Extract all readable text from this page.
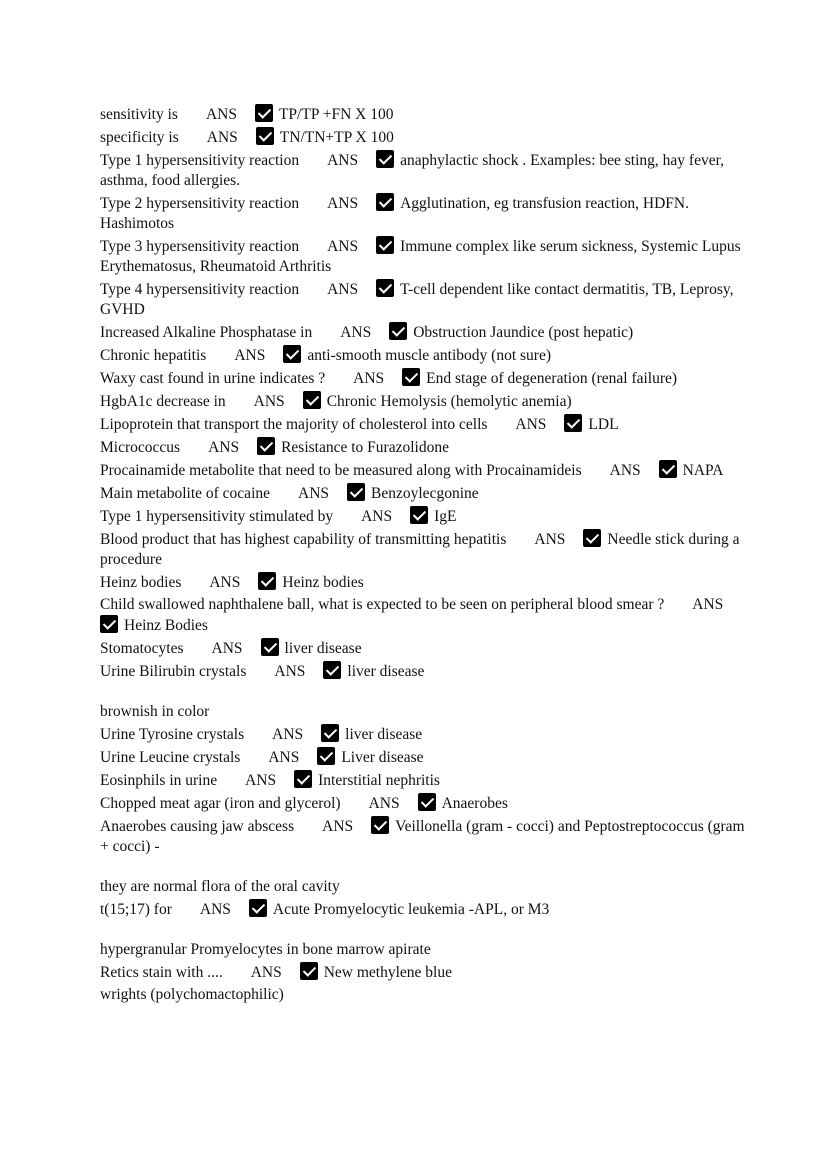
sensitivity is ANS	TP/TP +FN X 100
specificity is ANS	TN/TN+TP X 100
Type 1 hypersensitivity reaction ANS	anaphylactic shock . Examples: bee sting, hay fever, asthma, food allergies.
Type 2 hypersensitivity reaction ANS	Agglutination, eg transfusion reaction, HDFN. Hashimotos
Type 3 hypersensitivity reaction ANS	Immune complex like serum sickness, Systemic Lupus Erythematosus, Rheumatoid Arthritis
Type 4 hypersensitivity reaction ANS	T-cell dependent like contact dermatitis, TB, Leprosy, GVHD
Increased Alkaline Phosphatase in ANS	Obstruction Jaundice (post hepatic)
Chronic hepatitis ANS	anti-smooth muscle antibody (not sure)
Waxy cast found in urine indicates ? ANS	End stage of degeneration (renal failure)
HgbA1c decrease in ANS	Chronic Hemolysis (hemolytic anemia)
Lipoprotein that transport the majority of cholesterol into cells ANS	LDL
Micrococcus ANS	Resistance to Furazolidone
Procainamide metabolite that need to be measured along with Procainamideis ANS	NAPA
Main metabolite of cocaine ANS	Benzoylecgonine
Type 1 hypersensitivity stimulated by ANS	IgE
Blood product that has highest capability of transmitting hepatitis ANS	Needle stick during a procedure
Heinz bodies ANS	Heinz bodies
Child swallowed naphthalene ball, what is expected to be seen on peripheral blood smear ? ANSHeinz Bodies
Stomatocytes ANS	liver disease
Urine Bilirubin crystals ANS	liver disease
brownish in color
Urine Tyrosine crystals ANS	liver disease
Urine Leucine crystals ANS	Liver disease
Eosinphils in urine ANS	Interstitial nephritis
Chopped meat agar (iron and glycerol) ANS	Anaerobes
Anaerobes causing jaw abscess ANS	Veillonella (gram - cocci) and Peptostreptococcus (gram + cocci) -
they are normal flora of the oral cavity
t(15;17) for ANS	Acute Promyelocytic leukemia -APL, or M3
hypergranular Promyelocytes in bone marrow apirate
Retics stain with .... ANS	New methylene blue
wrights (polychomactophilic)
